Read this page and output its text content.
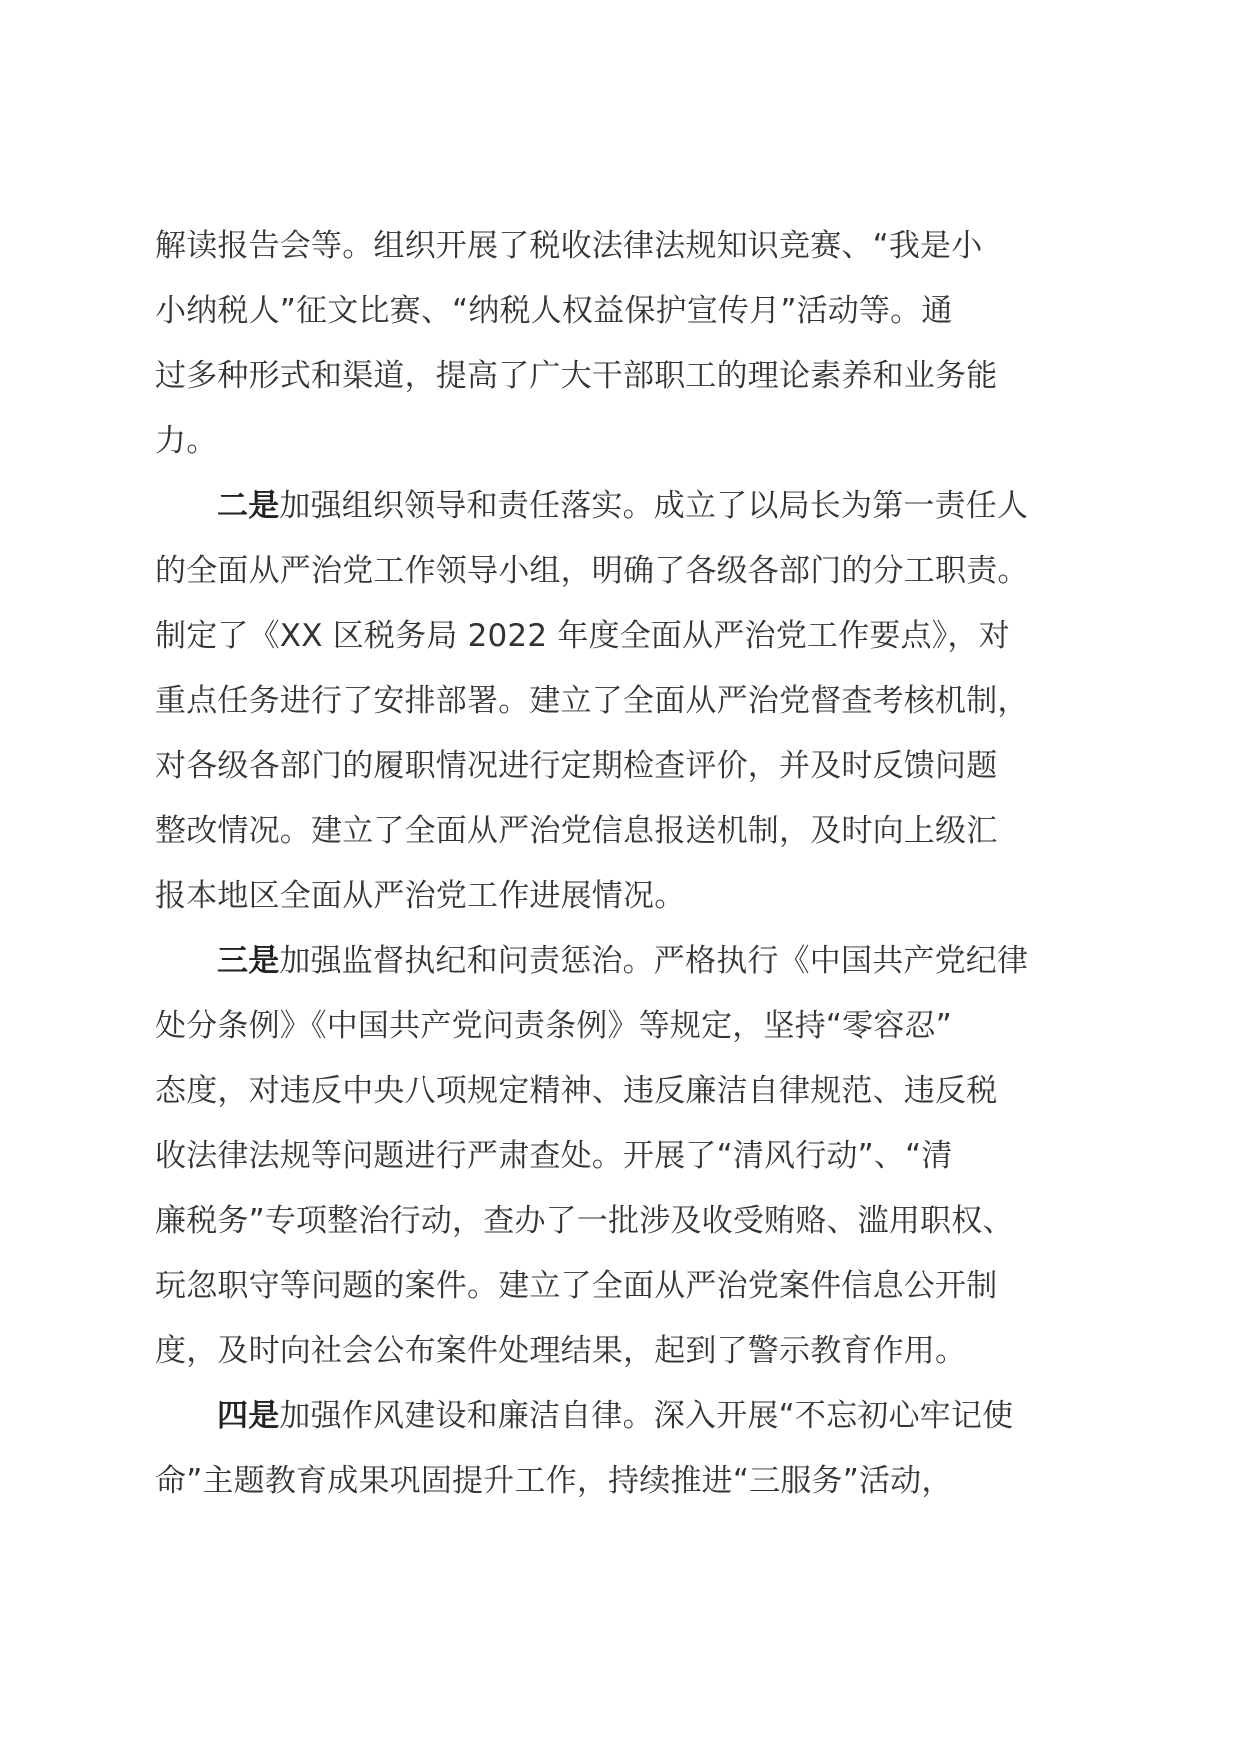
解读报告会等。组织开展了税收法律法规知识竞赛、“我是小
小纳税人”征文比赛、“纳税人权益保护宣传月”活动等。通
过多种形式和渠道，提高了广大干部职工的理论素养和业务能
力。

二是加强组织领导和责任落实。成立了以局长为第一责任人
的全面从严治党工作领导小组，明确了各级各部门的分工职责。
制定了《XX 区税务局 2022 年度全面从严治党工作要点》，对
重点任务进行了安排部署。建立了全面从严治党督查考核机制，
对各级各部门的履职情况进行定期检查评价，并及时反馈问题
整改情况。建立了全面从严治党信息报送机制，及时向上级汇
报本地区全面从严治党工作进展情况。

三是加强监督执纪和问责惩治。严格执行《中国共产党纪律
处分条例》《中国共产党问责条例》等规定，坚持“零容忍”
态度，对违反中央八项规定精神、违反廉洁自律规范、违反税
收法律法规等问题进行严肃查处。开展了“清风行动”、“清
廉税务”专项整治行动，查办了一批涉及收受贿赂、滥用职权、
玩忽职守等问题的案件。建立了全面从严治党案件信息公开制
度，及时向社会公布案件处理结果，起到了警示教育作用。

四是加强作风建设和廉洁自律。深入开展“不忘初心牢记使
命”主题教育成果巩固提升工作，持续推进“三服务”活动，
